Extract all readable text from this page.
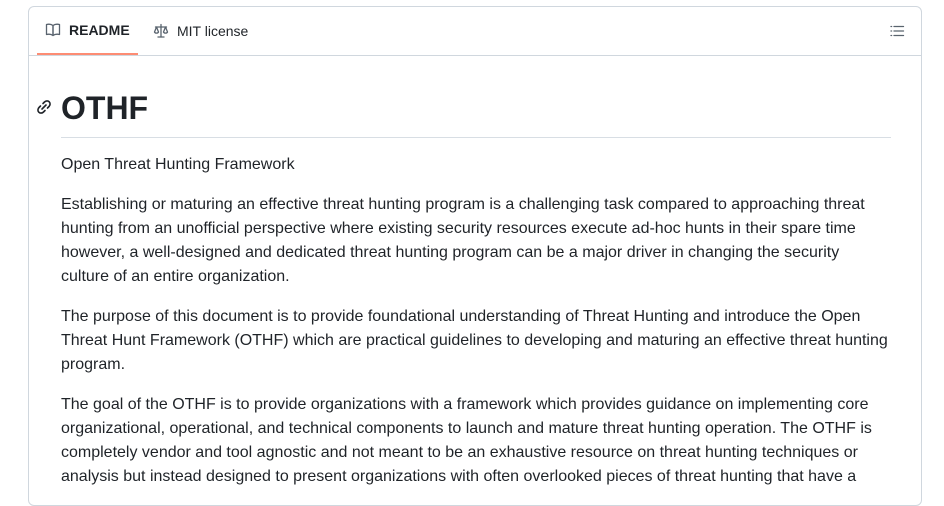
README	MIT license
OTHF

Open Threat Hunting Framework

Establishing or maturing an effective threat hunting program is a challenging task compared to approaching threat hunting from an unofficial perspective where existing security resources execute ad-hoc hunts in their spare time however, a well-designed and dedicated threat hunting program can be a major driver in changing the security culture of an entire organization.

The purpose of this document is to provide foundational understanding of Threat Hunting and introduce the Open Threat Hunt Framework (OTHF) which are practical guidelines to developing and maturing an effective threat hunting program.

The goal of the OTHF is to provide organizations with a framework which provides guidance on implementing core organizational, operational, and technical components to launch and mature threat hunting operation. The OTHF is completely vendor and tool agnostic and not meant to be an exhaustive resource on threat hunting techniques or analysis but instead designed to present organizations with often overlooked pieces of threat hunting that have a
